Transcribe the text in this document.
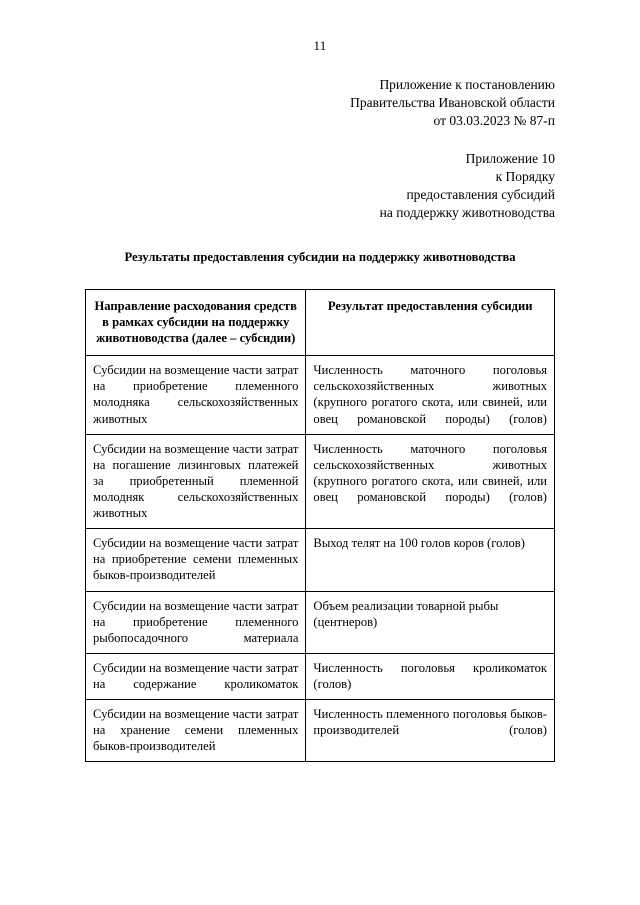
11
Приложение к постановлению
Правительства Ивановской области
от 03.03.2023 № 87-п
Приложение 10
к Порядку
предоставления субсидий
на поддержку животноводства
Результаты предоставления субсидии на поддержку животноводства
Направление расходования средств в рамках субсидии на поддержку животноводства (далее – субсидии)	Результат предоставления субсидии
Субсидии на возмещение части затрат на приобретение племенного молодняка сельскохозяйственных животных	Численность маточного поголовья сельскохозяйственных животных (крупного рогатого скота, или свиней, или овец романовской породы) (голов)
Субсидии на возмещение части затрат на погашение лизинговых платежей за приобретенный племенной молодняк сельскохозяйственных животных	Численность маточного поголовья сельскохозяйственных животных (крупного рогатого скота, или свиней, или овец романовской породы) (голов)
Субсидии на возмещение части затрат на приобретение семени племенных быков-производителей	Выход телят на 100 голов коров (голов)
Субсидии на возмещение части затрат на приобретение племенного рыбопосадочного материала	Объем реализации товарной рыбы (центнеров)
Субсидии на возмещение части затрат на содержание кроликоматок	Численность поголовья кроликоматок (голов)
Субсидии на возмещение части затрат на хранение семени племенных быков-производителей	Численность племенного поголовья быков-производителей (голов)
